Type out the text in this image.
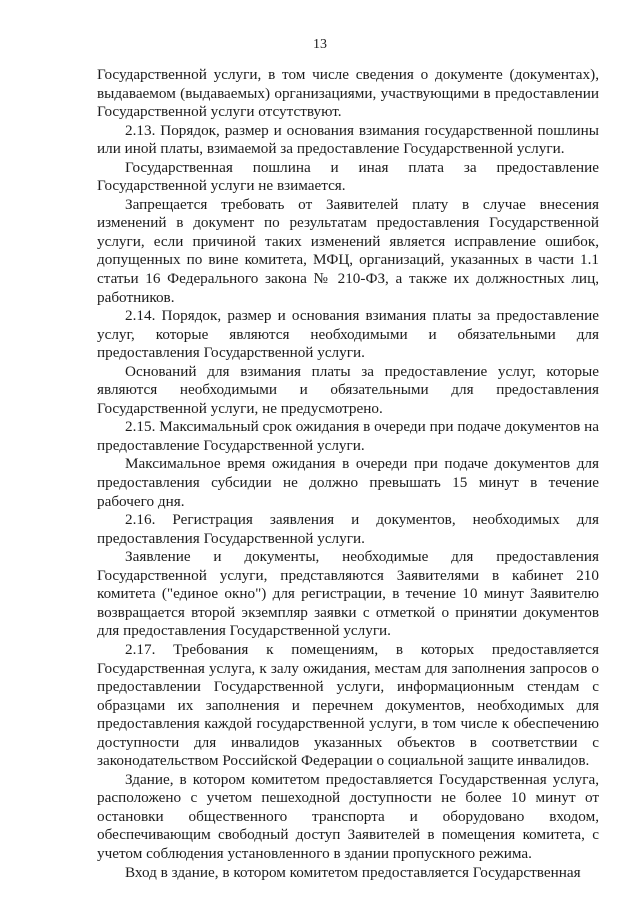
13

Государственной услуги, в том числе сведения о документе (документах), выдаваемом (выдаваемых) организациями, участвующими в предоставлении Государственной услуги отсутствуют.

2.13. Порядок, размер и основания взимания государственной пошлины или иной платы, взимаемой за предоставление Государственной услуги.

Государственная пошлина и иная плата за предоставление Государственной услуги не взимается.

Запрещается требовать от Заявителей плату в случае внесения изменений в документ по результатам предоставления Государственной услуги, если причиной таких изменений является исправление ошибок, допущенных по вине комитета, МФЦ, организаций, указанных в части 1.1 статьи 16 Федерального закона № 210-ФЗ, а также их должностных лиц, работников.

2.14. Порядок, размер и основания взимания платы за предоставление услуг, которые являются необходимыми и обязательными для предоставления Государственной услуги.

Оснований для взимания платы за предоставление услуг, которые являются необходимыми и обязательными для предоставления Государственной услуги, не предусмотрено.

2.15. Максимальный срок ожидания в очереди при подаче документов на предоставление Государственной услуги.

Максимальное время ожидания в очереди при подаче документов для предоставления субсидии не должно превышать 15 минут в течение рабочего дня.

2.16. Регистрация заявления и документов, необходимых для предоставления Государственной услуги.

Заявление и документы, необходимые для предоставления Государственной услуги, представляются Заявителями в кабинет 210 комитета ("единое окно") для регистрации, в течение 10 минут Заявителю возвращается второй экземпляр заявки с отметкой о принятии документов для предоставления Государственной услуги.

2.17. Требования к помещениям, в которых предоставляется Государственная услуга, к залу ожидания, местам для заполнения запросов о предоставлении Государственной услуги, информационным стендам с образцами их заполнения и перечнем документов, необходимых для предоставления каждой государственной услуги, в том числе к обеспечению доступности для инвалидов указанных объектов в соответствии с законодательством Российской Федерации о социальной защите инвалидов.

Здание, в котором комитетом предоставляется Государственная услуга, расположено с учетом пешеходной доступности не более 10 минут от остановки общественного транспорта и оборудовано входом, обеспечивающим свободный доступ Заявителей в помещения комитета, с учетом соблюдения установленного в здании пропускного режима.

Вход в здание, в котором комитетом предоставляется Государственная
